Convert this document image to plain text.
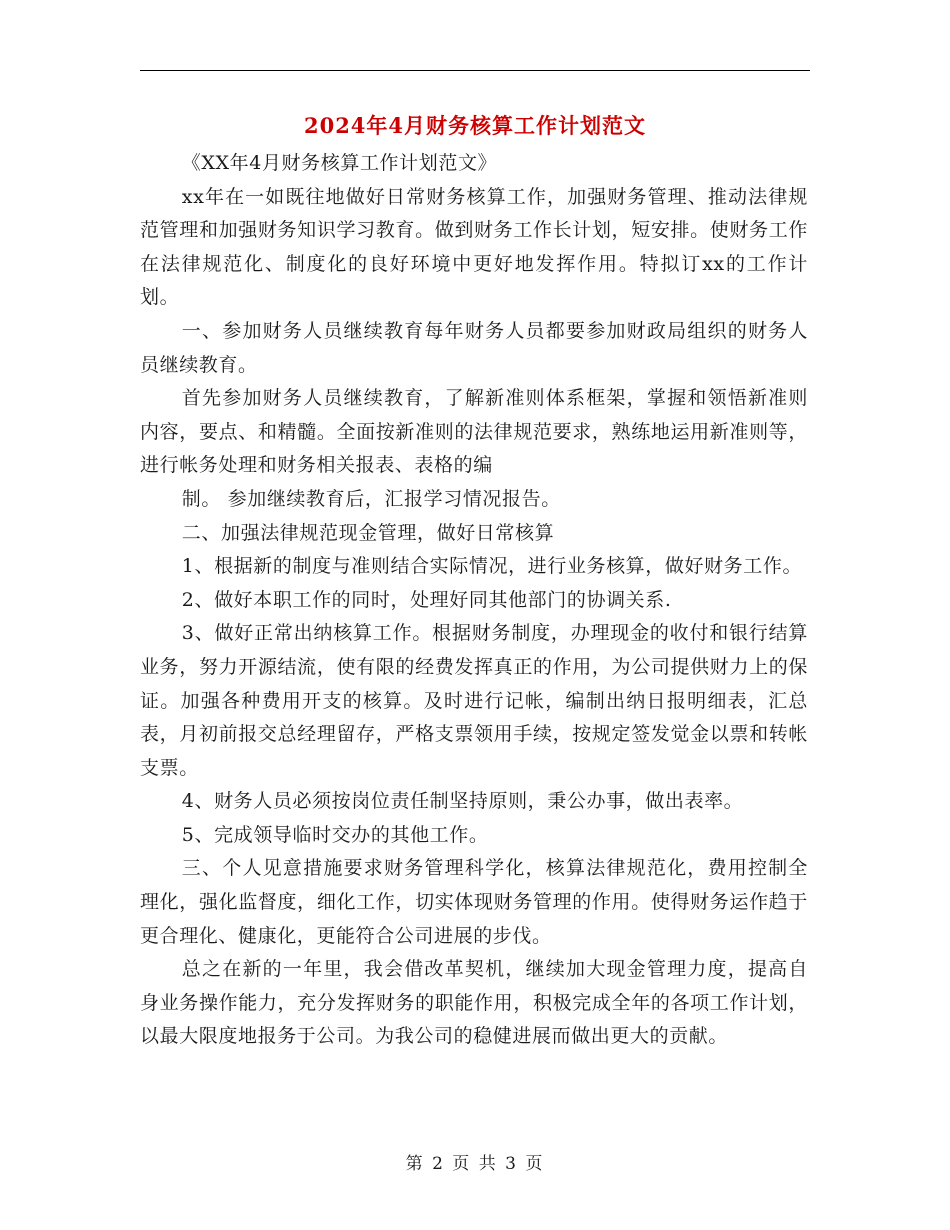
2024年4月财务核算工作计划范文

《XX年4月财务核算工作计划范文》

xx年在一如既往地做好日常财务核算工作，加强财务管理、推动法律规范管理和加强财务知识学习教育。做到财务工作长计划，短安排。使财务工作在法律规范化、制度化的良好环境中更好地发挥作用。特拟订xx的工作计划。

一、参加财务人员继续教育每年财务人员都要参加财政局组织的财务人员继续教育。

首先参加财务人员继续教育，了解新准则体系框架，掌握和领悟新准则内容，要点、和精髓。全面按新准则的法律规范要求，熟练地运用新准则等，进行帐务处理和财务相关报表、表格的编

制。 参加继续教育后，汇报学习情况报告。

二、加强法律规范现金管理，做好日常核算

1、根据新的制度与准则结合实际情况，进行业务核算，做好财务工作。

2、做好本职工作的同时，处理好同其他部门的协调关系.

3、做好正常出纳核算工作。根据财务制度，办理现金的收付和银行结算业务，努力开源结流，使有限的经费发挥真正的作用，为公司提供财力上的保证。加强各种费用开支的核算。及时进行记帐，编制出纳日报明细表，汇总表，月初前报交总经理留存，严格支票领用手续，按规定签发觉金以票和转帐支票。

4、财务人员必须按岗位责任制坚持原则，秉公办事，做出表率。

5、完成领导临时交办的其他工作。

三、个人见意措施要求财务管理科学化，核算法律规范化，费用控制全理化，强化监督度，细化工作，切实体现财务管理的作用。使得财务运作趋于更合理化、健康化，更能符合公司进展的步伐。

总之在新的一年里，我会借改革契机，继续加大现金管理力度，提高自身业务操作能力，充分发挥财务的职能作用，积极完成全年的各项工作计划，以最大限度地报务于公司。为我公司的稳健进展而做出更大的贡献。

第 2 页 共 3 页
